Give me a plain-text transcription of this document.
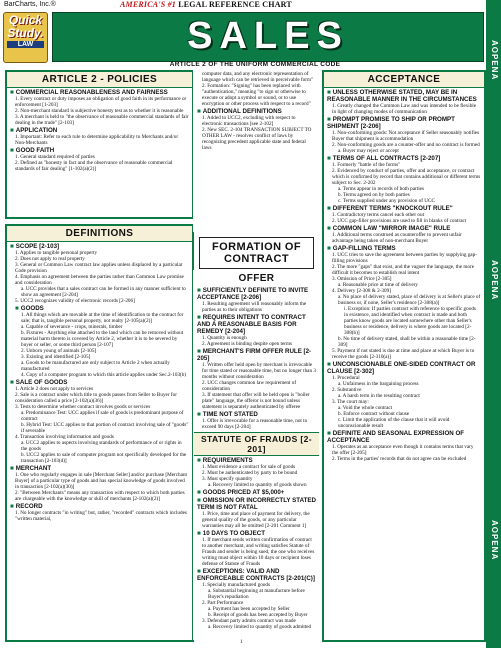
BarCharts, Inc.®	AMERICA'S #1 LEGAL REFERENCE CHART
Quick
Study.
LAW	SALES
ARTICLE 2 OF THE UNIFORM COMMERCIAL CODE	AOPENA
AOPENA
AOPENA
ARTICLE 2 - POLICIES
■ COMMERCIAL REASONABLENESS AND FAIRNESS
1. Every contract or duty imposes an obligation of good faith in its performance or enforcement [1-203]
2. Non-merchant standard is subjective honesty test as to whether it is reasonable
3. A merchant is held to "the observance of reasonable commercial standards of fair dealing in the trade" [2-103]
■ APPLICATION
1. Important: Refer to each rule to determine applicability to Merchants and/or Non-Merchants
■ GOOD FAITH
1. General standard required of parties
2. Defined as "honesty in fact and the observance of reasonable commercial standards of fair dealing" [1-102(a)(2)]
DEFINITIONS
■ SCOPE [2-103]
1. Applies to tangible personal property
2. Does not apply to real property
3. General or Common Law contract law applies unless displaced by a particular Code provision
4. Emphasis on agreement between the parties rather than Common Law promise and consideration
a. UCC provides that a sales contract can be formed in any manner sufficient to show an agreement [2-204]
5. UCC2 recognizes validity of electronic records [2-206]
■ GOODS
1. All things which are movable at the time of identification to the contract for sale; that is, tangible personal property, not realty [2-105(a)(2)]
a. Capable of severance - crops, minerals, timber
b. Fixtures - Anything else attached to the land which can be removed without material harm thereto is covered by Article 2, whether it is to be severed by buyer or seller, or some third person [2-107]
2. Unborn young of animals [2-105]
3. Existing and identified [2-105]
a. Goods to be manufactured are only subject to Article 2 when actually manufactured
4. Copy of a computer program to which this article applies under Sec.2-103(b)
■ SALE OF GOODS
1. Article 2 does not apply to services
2. Sale is a contract under which title to goods passes from Seller to Buyer for consideration called a price [2-102(a)(36)]
3. Tests to determine whether contract involves goods or services
a. Predominance Test: UCC applies if sale of goods is predominant purpose of contract
b. Hybrid Test: UCC applies to that portion of contract involving sale of "goods" if severable
4. Transaction involving information and goods
a. UCC2 applies to aspects involving standards of performance of or rights in the goods
b. UCC2 applies to sale of computer program not specifically developed for the transaction [2-103(d)]
■ MERCHANT
1. One who regularly engages in sale [Merchant Seller] and/or purchase [Merchant Buyer] of a particular type of goods and has special knowledge of goods involved in transaction [2-102(a)(30)]
2. "Between Merchants" means any transaction with respect to which both parties are chargeable with the knowledge or skill of merchants [2-102(a)(2)]
■ RECORD
1. No longer contracts "in writing" but, rather, "recorded" contracts which includes "written material,
computer data, and any electronic representation of language which can be retrieved in perceivable form"
2. Formation: "Signing" has been replaced with "authentication," meaning "to sign or otherwise to execute or adopt a symbol or sound, or to use encryption or other process with respect to a record"
■ ADDITIONAL DEFINITIONS
1. Added to UCC2, excluding with respect to electronic transactions [see 2-102]
2. New SEC. 2-104 TRANSACTION SUBJECT TO OTHER LAW - resolves conflict of laws by recognizing precedent applicable state and federal laws
FORMATION OF CONTRACT
OFFER
■ SUFFICIENTLY DEFINITE TO INVITE ACCEPTANCE [2-206]
1. Resulting agreement will reasonably inform the parties as to their obligations
■ REQUIRES INTENT TO CONTRACT AND A REASONABLE BASIS FOR REMEDY [2-204]
1. Quantity is enough
2. Agreement is binding despite open terms
■ MERCHANT'S FIRM OFFER RULE [2-205]
1. Written offer held open by merchant is irrevocable for time stated or reasonable time, but no longer than 3 months without consideration
2. UCC changes common law requirement of consideration
3. If statement that offer will be held open is "boiler plate" language, the offeror is not bound unless statement is separately authenticated by offeree
■ TIME NOT STATED
1. Offer is irrevocable for a reasonable time, not to exceed 90 days [2-204]
STATUTE OF FRAUDS [2-201]
■ REQUIREMENTS
1. Must evidence a contract for sale of goods
2. Must be authenticated by party to be bound
3. Must specify quantity
a. Recovery limited to quantity of goods shown
■ GOODS PRICED AT $5,000+
■ OMISSION OR INCORRECTLY STATED TERM IS NOT FATAL
1. Price, time and place of payment for delivery, the general quality of the goods, or any particular warranties may all be omitted [2-201 Comment 1]
■ 10 DAYS TO OBJECT
1. If merchant sends written confirmation of contract to another merchant, and writing satisfies Statute of Frauds and sender is being sued, the one who receives writing must object within 10 days or recipient loses defense of Statute of Frauds
■ EXCEPTIONS: VALID AND ENFORCEABLE CONTRACTS [2-201(C)]
1. Specially manufactured goods
a. Substantial beginning at manufacture before Buyer's repudiation
2. Part Performance
a. Payment has been accepted by Seller
b. Receipt of goods has been accepted by Buyer
3. Defendant party admits contract was made
a. Recovery limited to quantity of goods admitted
ACCEPTANCE
■ UNLESS OTHERWISE STATED, MAY BE IN REASONABLE MANNER IN THE CIRCUMSTANCES
1. Greatly changed the Common Law and was intended to be flexible in light of changing modes of communication
■ PROMPT PROMISE TO SHIP OR PROMPT SHIPMENT [2-206]
1. Non-conforming goods: Not acceptance if Seller seasonably notifies Buyer that shipment is accommodation
2. Non-conforming goods are a counter-offer and no contract is formed
a. Buyer may reject or accept
■ TERMS OF ALL CONTRACTS [2-207]
1. Formerly "battle of the forms"
2. Evidenced by conduct of parties, offer and acceptance, or contract which is confirmed by record that contains additional or different terms subject to Sec. 2-202
a. Terms appear in records of both parties
b. Terms agreed on by both parties
c. Terms supplied under any provision of UCC
■ DIFFERENT TERMS "KNOCKOUT RULE"
1. Contradictory terms cancel each other out
2. UCC gap-filler provisions are used to fill in blanks of contract
■ COMMON LAW "MIRROR IMAGE" RULE
1. Additional terms construed as counteroffer to prevent unfair advantage being taken of non-merchant Buyer
■ GAP-FILLING TERMS
1. UCC tries to save the agreement between parties by supplying gap-filling provisions
2. The more "gaps" that exist, and the vaguer the language, the more difficult it becomes to establish real intent
3. Omission of Price [2-305]
a. Reasonable price at time of delivery
4. Delivery [2-308 & 2-309]
a. No place of delivery stated, place of delivery is at Seller's place of business or, if none, Seller's residence [2-308(a)]
i. Exception: If parties contract with reference to specific goods in existence, and identified when contract is made and both parties know goods are located somewhere other than Seller's business or residence, delivery is where goods are located [2-308(b)]
b. No time of delivery stated, shall be within a reasonable time [2-309]
5. Payment if not stated is due at time and place at which Buyer is to receive the goods [2-310(a)]
■ UNCONSCIONABLE ONE-SIDED CONTRACT OR CLAUSE [2-302]
1. Procedural
a. Unfairness in the bargaining process
2. Substantive
a. A harsh term in the resulting contract
3. The court may:
a. Void the whole contract
b. Enforce contract without clause
c. Limit the application of the clause that it will avoid unconscionable result
■ DEFINITE AND SEASONAL EXPRESSION OF ACCEPTANCE
1. Operates as an acceptance even though it contains terms that vary the offer [2-205]
2. Terms in the parties' records that do not agree can be excluded
1
